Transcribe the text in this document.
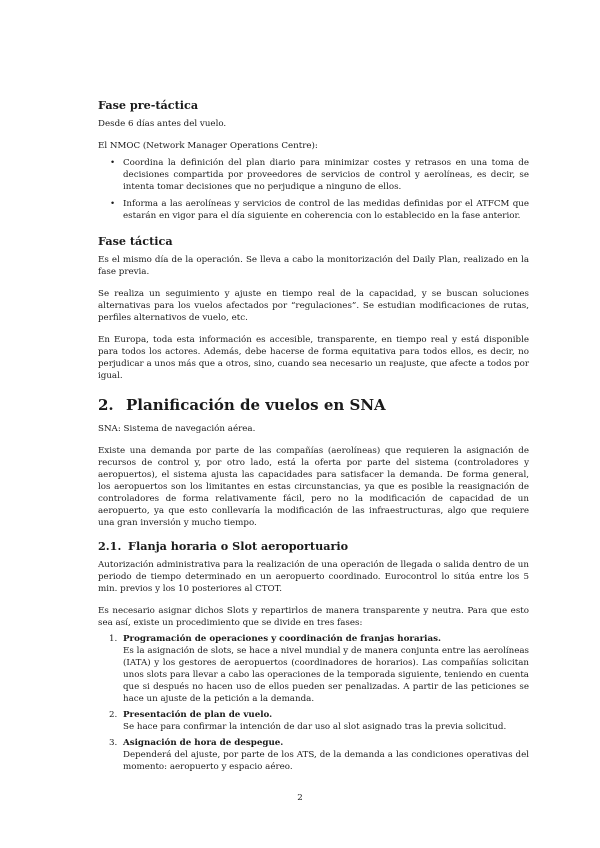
Fase pre-táctica

Desde 6 días antes del vuelo.

El NMOC (Network Manager Operations Centre):

• Coordina la definición del plan diario para minimizar costes y retrasos en una toma de decisiones compartida por proveedores de servicios de control y aerolíneas, es decir, se intenta tomar decisiones que no perjudique a ninguno de ellos.

• Informa a las aerolíneas y servicios de control de las medidas definidas por el ATFCM que estarán en vigor para el día siguiente en coherencia con lo establecido en la fase anterior.

Fase táctica

Es el mismo día de la operación. Se lleva a cabo la monitorización del Daily Plan, realizado en la fase previa.

Se realiza un seguimiento y ajuste en tiempo real de la capacidad, y se buscan soluciones alternativas para los vuelos afectados por “regulaciones”. Se estudian modificaciones de rutas, perfiles alternativos de vuelo, etc.

En Europa, toda esta información es accesible, transparente, en tiempo real y está disponible para todos los actores. Además, debe hacerse de forma equitativa para todos ellos, es decir, no perjudicar a unos más que a otros, sino, cuando sea necesario un reajuste, que afecte a todos por igual.

2. Planificación de vuelos en SNA

SNA: Sistema de navegación aérea.

Existe una demanda por parte de las compañías (aerolíneas) que requieren la asignación de recursos de control y, por otro lado, está la oferta por parte del sistema (controladores y aeropuertos), el sistema ajusta las capacidades para satisfacer la demanda. De forma general, los aeropuertos son los limitantes en estas circunstancias, ya que es posible la reasignación de controladores de forma relativamente fácil, pero no la modificación de capacidad de un aeropuerto, ya que esto conllevaría la modificación de las infraestructuras, algo que requiere una gran inversión y mucho tiempo.

2.1. Flanja horaria o Slot aeroportuario

Autorización administrativa para la realización de una operación de llegada o salida dentro de un periodo de tiempo determinado en un aeropuerto coordinado. Eurocontrol lo sitúa entre los 5 min. previos y los 10 posteriores al CTOT.

Es necesario asignar dichos Slots y repartirlos de manera transparente y neutra. Para que esto sea así, existe un procedimiento que se divide en tres fases:

1. Programación de operaciones y coordinación de franjas horarias.

Es la asignación de slots, se hace a nivel mundial y de manera conjunta entre las aerolíneas (IATA) y los gestores de aeropuertos (coordinadores de horarios). Las compañías solicitan unos slots para llevar a cabo las operaciones de la temporada siguiente, teniendo en cuenta que si después no hacen uso de ellos pueden ser penalizadas. A partir de las peticiones se hace un ajuste de la petición a la demanda.

2. Presentación de plan de vuelo.

Se hace para confirmar la intención de dar uso al slot asignado tras la previa solicitud.

3. Asignación de hora de despegue.

Dependerá del ajuste, por parte de los ATS, de la demanda a las condiciones operativas del momento: aeropuerto y espacio aéreo.

2
